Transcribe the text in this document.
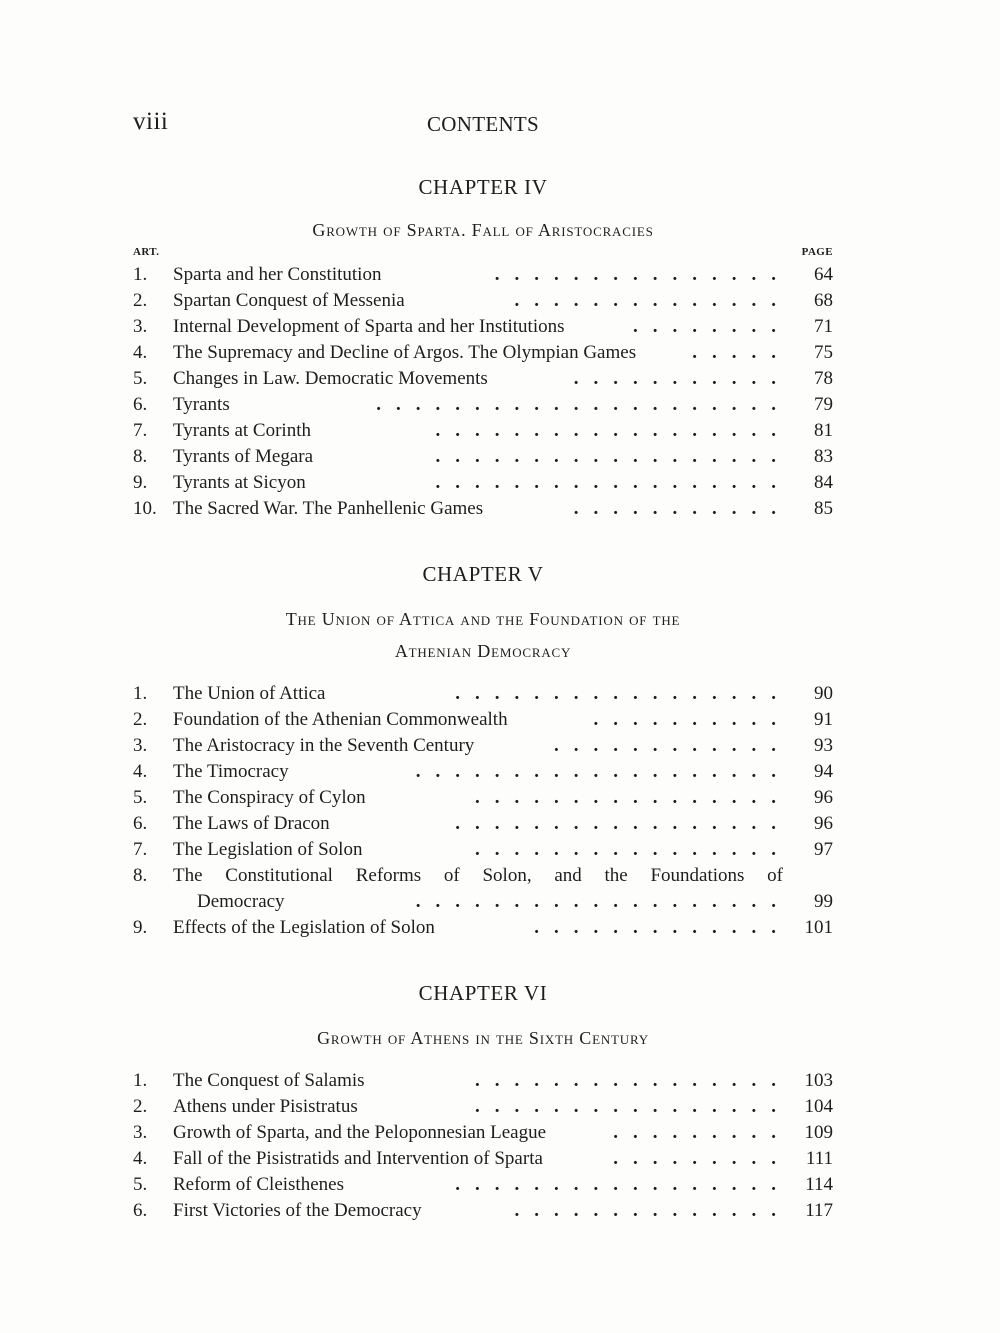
viii	CONTENTS
CHAPTER IV
Growth of Sparta. Fall of Aristocracies
ART.	PAGE
1.	Sparta and her Constitution	...............	64
2.	Spartan Conquest of Messenia	..............	68
3.	Internal Development of Sparta and her Institutions	........	71
4.	The Supremacy and Decline of Argos. The Olympian Games	.....	75
5.	Changes in Law. Democratic Movements	...........	78
6.	Tyrants	.....................	79
7.	Tyrants at Corinth	..................	81
8.	Tyrants of Megara	..................	83
9.	Tyrants at Sicyon	..................	84
10. The Sacred War. The Panhellenic Games	...........	85
CHAPTER V
The Union of Attica and the Foundation of the
Athenian Democracy
1.	The Union of Attica	.................	90
2.	Foundation of the Athenian Commonwealth	..........	91
3.	The Aristocracy in the Seventh Century	............	93
4.	The Timocracy	...................	94
5.	The Conspiracy of Cylon	................	96
6.	The Laws of Dracon	.................	96
7.	The Legislation of Solon	................	97
8.	The Constitutional Reforms of Solon, and the Foundations of
Democracy	...................	99
9.	Effects of the Legislation of Solon	............. 101
CHAPTER VI
Growth of Athens in the Sixth Century
1.	The Conquest of Salamis	................ 103
2.	Athens under Pisistratus	................ 104
3.	Growth of Sparta, and the Peloponnesian League	......... 109
4.	Fall of the Pisistratids and Intervention of Sparta	......... 111
5.	Reform of Cleisthenes	................. 114
6.	First Victories of the Democracy	.............. 117
